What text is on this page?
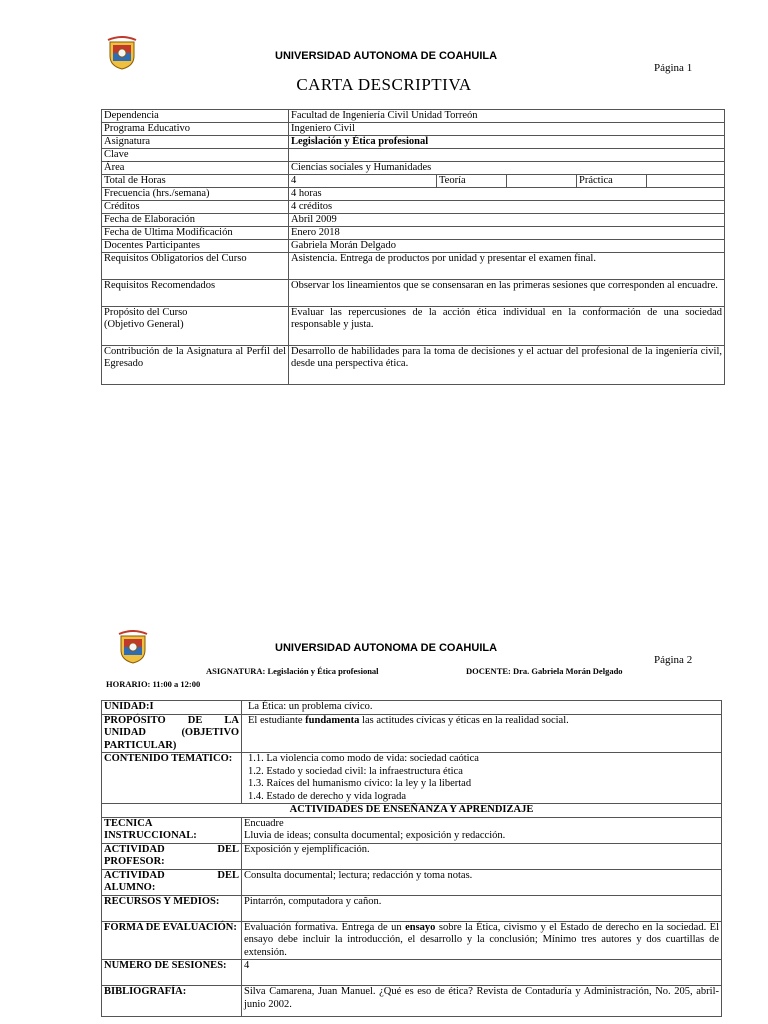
UNIVERSIDAD AUTONOMA DE COAHUILA
Página 1
CARTA DESCRIPTIVA
Dependencia	Facultad de Ingeniería Civil Unidad Torreón				
Programa Educativo	Ingeniero Civil				
Asignatura	Legislación y Ética profesional				
Clave					
Área	Ciencias sociales y Humanidades				
Total de Horas	4	Teoría		Práctica	
Frecuencia (hrs./semana)	4 horas				
Créditos	4 créditos				
Fecha de Elaboración	Abril 2009				
Fecha de Ultima Modificación	Enero 2018				
Docentes Participantes	Gabriela Morán Delgado				
Requisitos Obligatorios del Curso	Asistencia. Entrega de productos por unidad y presentar el examen final.				
Requisitos Recomendados	Observar los lineamientos que se consensaran en las primeras sesiones que corresponden al encuadre.				

Propósito del Curso
(Objetivo General)	Evaluar las repercusiones de la acción ética individual en la conformación de una sociedad responsable y justa.				
Contribución de la Asignatura al Perfil del Egresado	Desarrollo de habilidades para la toma de decisiones y el actuar del profesional de la ingeniería civil, desde una perspectiva ética.				
UNIVERSIDAD AUTONOMA DE COAHUILA
Página 2
ASIGNATURA: Legislación y Ética profesional	DOCENTE: Dra. Gabriela Morán Delgado
HORARIO: 11:00 a 12:00
UNIDAD:I	La Ética: un problema cívico.
PROPÓSITO DE LA UNIDAD (OBJETIVO PARTICULAR)	El estudiante fundamenta las actitudes cívicas y éticas en la realidad social.
CONTENIDO TEMATICO:	1.1. La violencia como modo de vida: sociedad caótica
1.2. Estado y sociedad civil: la infraestructura ética
1.3. Raíces del humanismo cívico: la ley y la libertad
1.4. Estado de derecho y vida lograda

ACTIVIDADES DE ENSEÑANZA Y APRENDIZAJE	
TECNICA INSTRUCCIONAL:	Encuadre
Lluvia de ideas; consulta documental; exposición y redacción.

ACTIVIDAD DEL PROFESOR:	Exposición y ejemplificación.
ACTIVIDAD DEL ALUMNO:	Consulta documental; lectura; redacción y toma notas.
RECURSOS Y MEDIOS:	Pintarrón, computadora y cañon.
FORMA DE EVALUACIÓN:	Evaluación formativa. Entrega de un ensayo sobre la Ética, civismo y el Estado de derecho en la sociedad. El ensayo debe incluir la introducción, el desarrollo y la conclusión; Mínimo tres autores y dos cuartillas de extensión.
NUMERO DE SESIONES:	4
BIBLIOGRAFÍA:	Silva Camarena, Juan Manuel. ¿Qué es eso de ética? Revista de Contaduría y Administración, No. 205, abril-junio 2002.
